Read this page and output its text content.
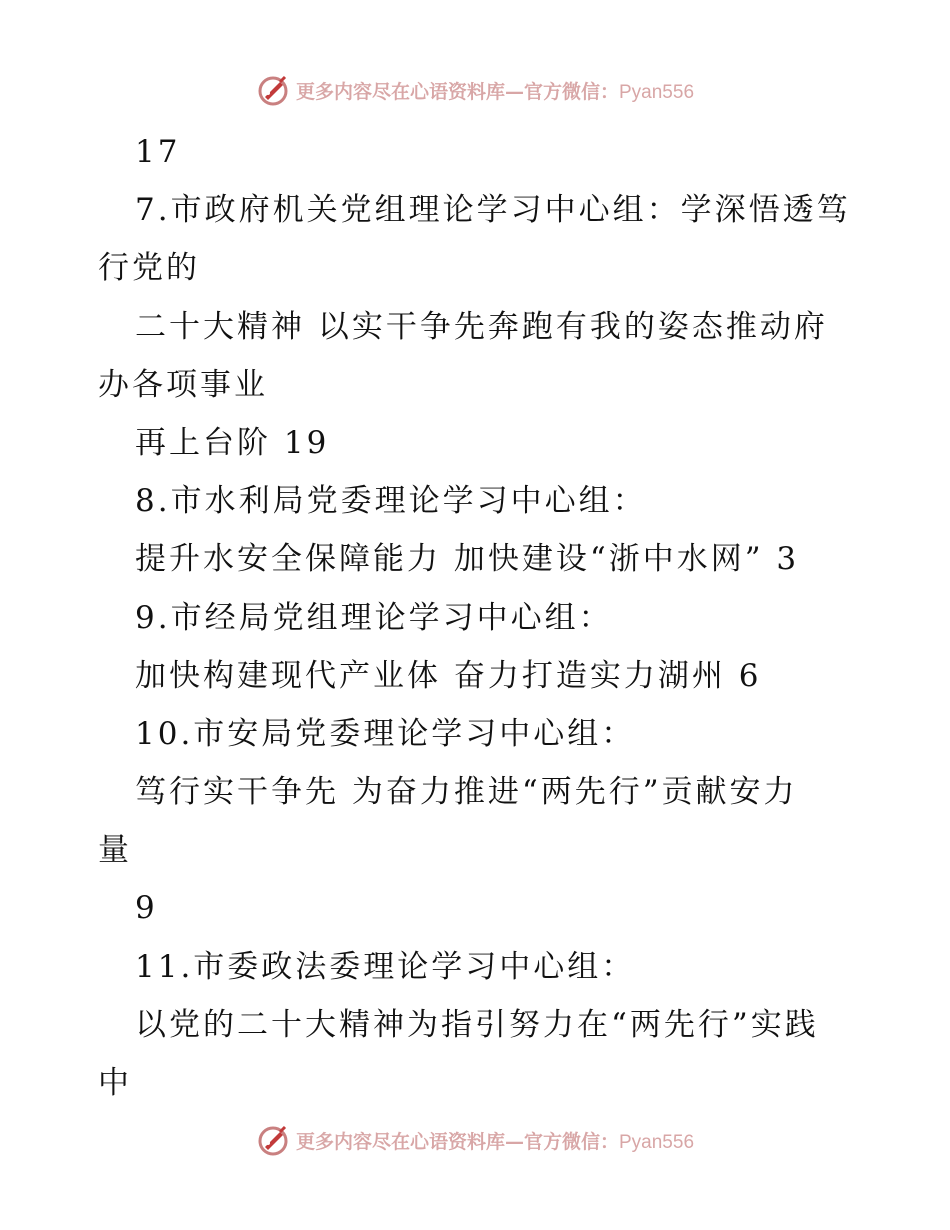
更多内容尽在心语资料库—官方微信：Pyan556
17
7.市政府机关党组理论学习中心组：学深悟透笃
行党的
二十大精神 以实干争先奔跑有我的姿态推动府
办各项事业
再上台阶 19
8.市水利局党委理论学习中心组：
提升水安全保障能力 加快建设“浙中水网” 3
9.市经局党组理论学习中心组：
加快构建现代产业体 奋力打造实力湖州 6
10.市安局党委理论学习中心组：
笃行实干争先 为奋力推进“两先行”贡献安力
量
9
11.市委政法委理论学习中心组：
以党的二十大精神为指引努力在“两先行”实践
中
更多内容尽在心语资料库—官方微信：Pyan556
